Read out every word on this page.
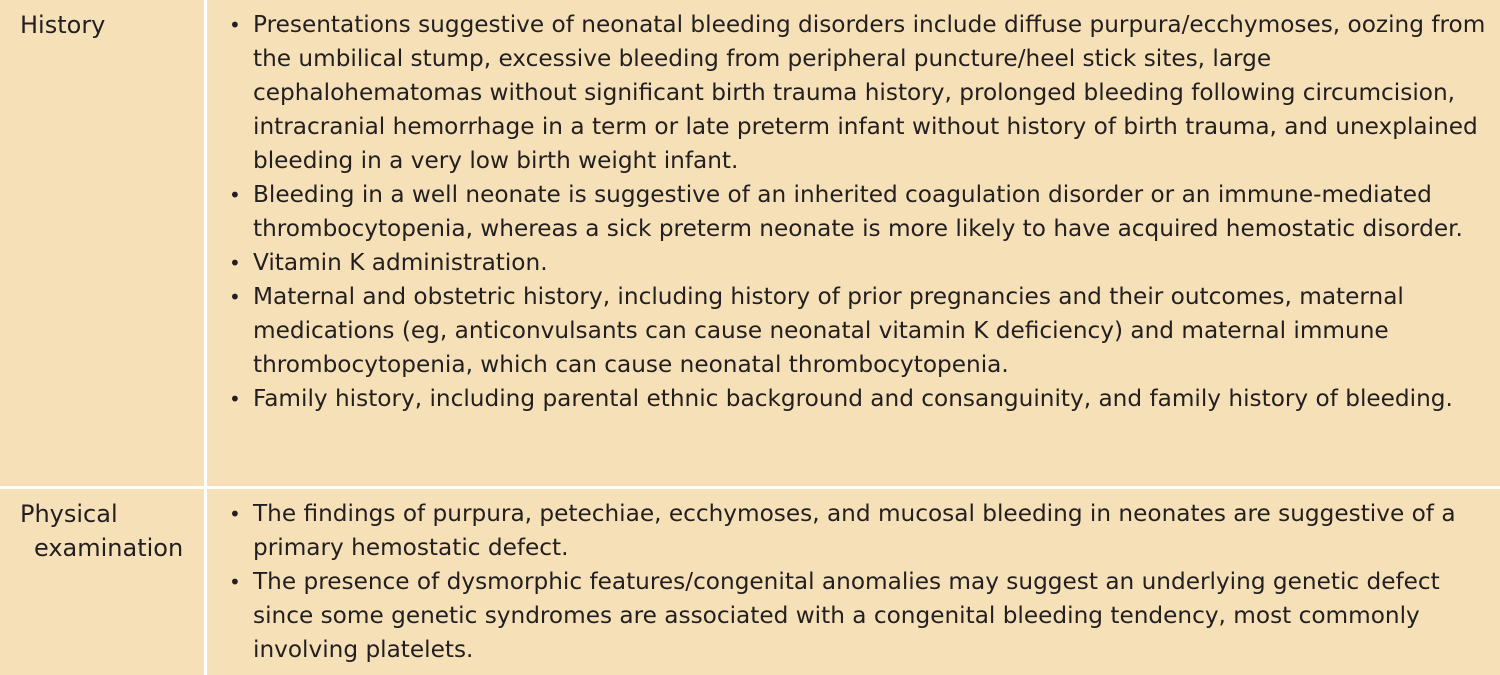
History	• Presentations suggestive of neonatal bleeding disorders include diffuse purpura/ecchymoses, oozing from the umbilical stump, excessive bleeding from peripheral puncture/heel stick sites, large cephalohematomas without significant birth trauma history, prolonged bleeding following circumcision, intracranial hemorrhage in a term or late preterm infant without history of birth trauma, and unexplained bleeding in a very low birth weight infant.
• Bleeding in a well neonate is suggestive of an inherited coagulation disorder or an immune-mediated thrombocytopenia, whereas a sick preterm neonate is more likely to have acquired hemostatic disorder.
• Vitamin K administration.
• Maternal and obstetric history, including history of prior pregnancies and their outcomes, maternal medications (eg, anticonvulsants can cause neonatal vitamin K deficiency) and maternal immune thrombocytopenia, which can cause neonatal thrombocytopenia.
• Family history, including parental ethnic background and consanguinity, and family history of bleeding.
Physical
examination
• The findings of purpura, petechiae, ecchymoses, and mucosal bleeding in neonates are suggestive of a primary hemostatic defect.
• The presence of dysmorphic features/congenital anomalies may suggest an underlying genetic defect since some genetic syndromes are associated with a congenital bleeding tendency, most commonly involving platelets.
